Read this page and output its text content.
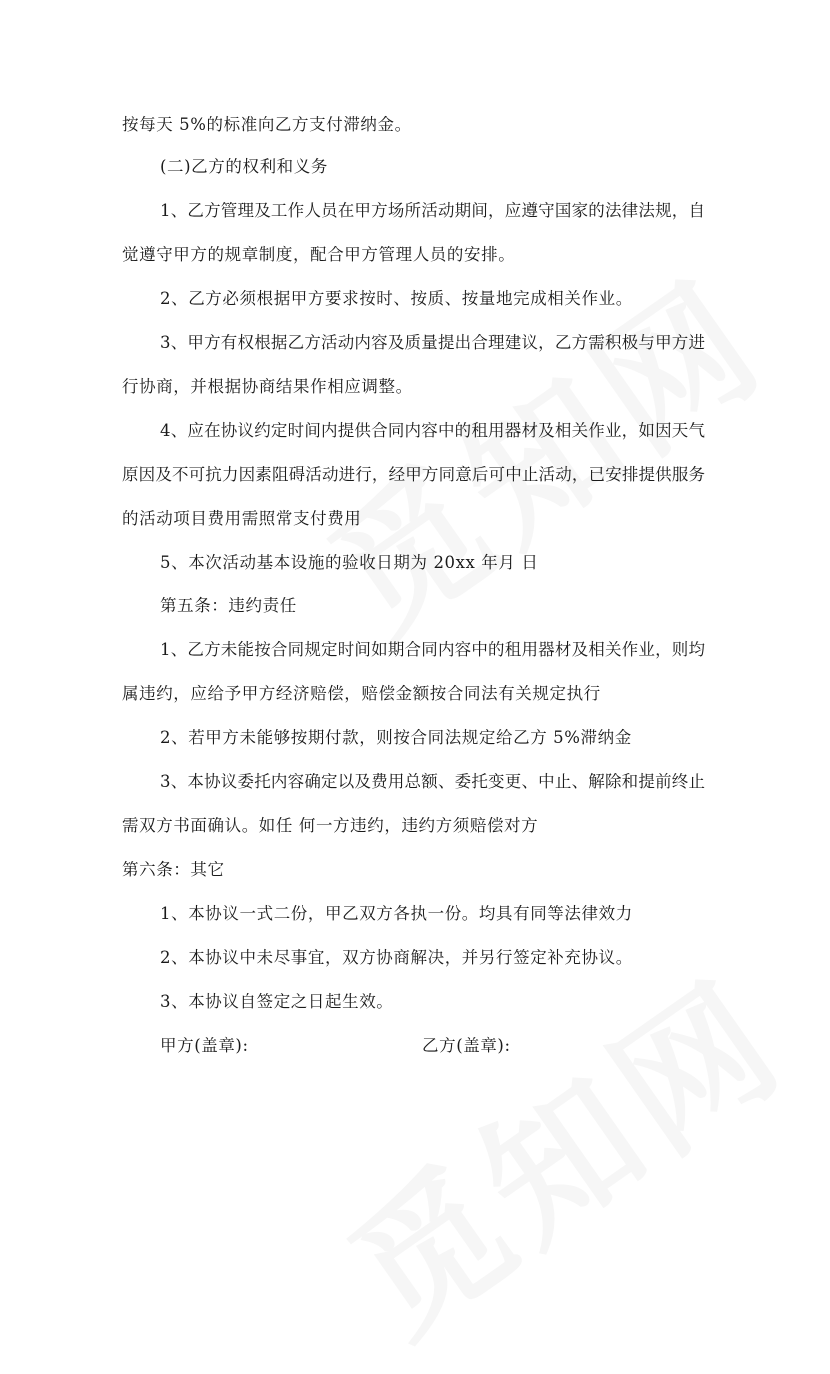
按每天 5%的标准向乙方支付滞纳金。
(二)乙方的权利和义务
1、乙方管理及工作人员在甲方场所活动期间，应遵守国家的法律法规，自
觉遵守甲方的规章制度，配合甲方管理人员的安排。
2、乙方必须根据甲方要求按时、按质、按量地完成相关作业。
3、甲方有权根据乙方活动内容及质量提出合理建议，乙方需积极与甲方进
行协商，并根据协商结果作相应调整。
4、应在协议约定时间内提供合同内容中的租用器材及相关作业，如因天气
原因及不可抗力因素阻碍活动进行，经甲方同意后可中止活动，已安排提供服务
的活动项目费用需照常支付费用
5、本次活动基本设施的验收日期为 20xx 年月 日
第五条：违约责任
1、乙方未能按合同规定时间如期合同内容中的租用器材及相关作业，则均
属违约，应给予甲方经济赔偿，赔偿金额按合同法有关规定执行
2、若甲方未能够按期付款，则按合同法规定给乙方 5%滞纳金
3、本协议委托内容确定以及费用总额、委托变更、中止、解除和提前终止
需双方书面确认。如任 何一方违约，违约方须赔偿对方
第六条：其它
1、本协议一式二份，甲乙双方各执一份。均具有同等法律效力
2、本协议中未尽事宜，双方协商解决，并另行签定补充协议。
3、本协议自签定之日起生效。
甲方(盖章):	乙方(盖章):
